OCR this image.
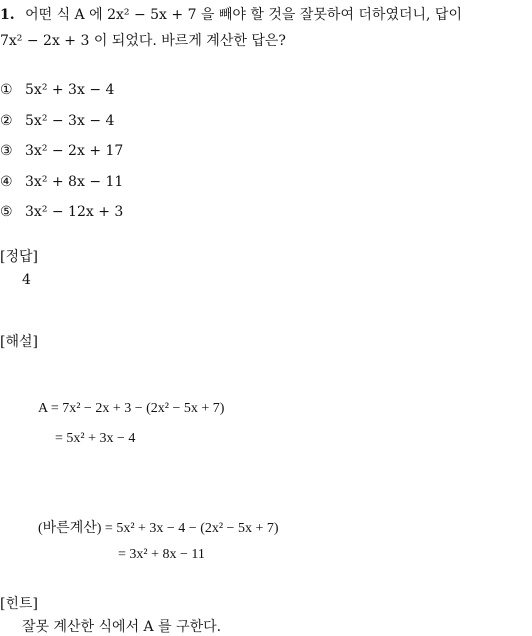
1. 어떤 식 A 에 2x² − 5x + 7 을 빼야 할 것을 잘못하여 더하였더니, 답이
7x² − 2x + 3 이 되었다. 바르게 계산한 답은?
① 5x² + 3x − 4
② 5x² − 3x − 4
③ 3x² − 2x + 17
④ 3x² + 8x − 11
⑤ 3x² − 12x + 3
[정답]
4
[해설]
A = 7x² − 2x + 3 − (2x² − 5x + 7)
= 5x² + 3x − 4
(바른계산) = 5x² + 3x − 4 − (2x² − 5x + 7)
= 3x² + 8x − 11
[힌트]
잘못 계산한 식에서 A 를 구한다.
